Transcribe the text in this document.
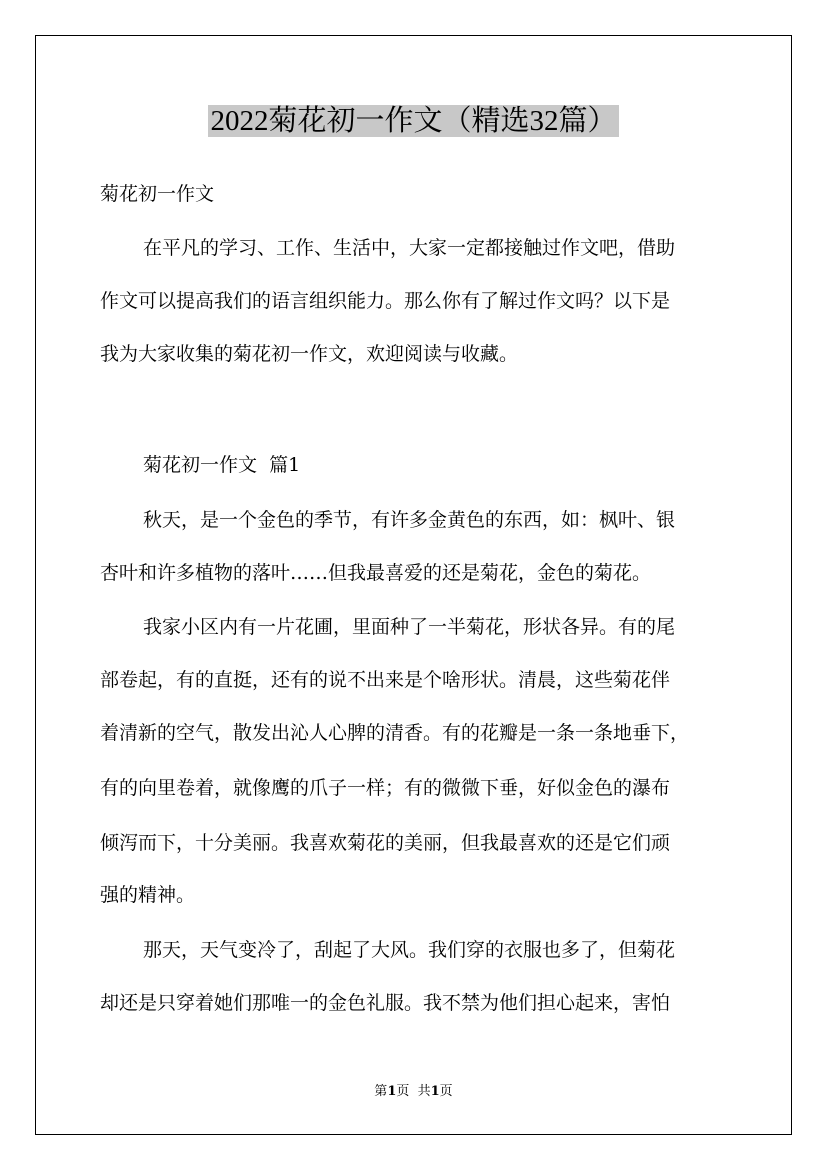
2022菊花初一作文（精选32篇）
菊花初一作文
在平凡的学习、工作、生活中，大家一定都接触过作文吧，借助
作文可以提高我们的语言组织能力。那么你有了解过作文吗？以下是
我为大家收集的菊花初一作文，欢迎阅读与收藏。
菊花初一作文  篇1
秋天，是一个金色的季节，有许多金黄色的东西，如：枫叶、银
杏叶和许多植物的落叶……但我最喜爱的还是菊花，金色的菊花。
我家小区内有一片花圃，里面种了一半菊花，形状各异。有的尾
部卷起，有的直挺，还有的说不出来是个啥形状。清晨，这些菊花伴
着清新的空气，散发出沁人心脾的清香。有的花瓣是一条一条地垂下，
有的向里卷着，就像鹰的爪子一样；有的微微下垂，好似金色的瀑布
倾泻而下，十分美丽。我喜欢菊花的美丽，但我最喜欢的还是它们顽
强的精神。
那天，天气变冷了，刮起了大风。我们穿的衣服也多了，但菊花
却还是只穿着她们那唯一的金色礼服。我不禁为他们担心起来，害怕
第1页  共1页
